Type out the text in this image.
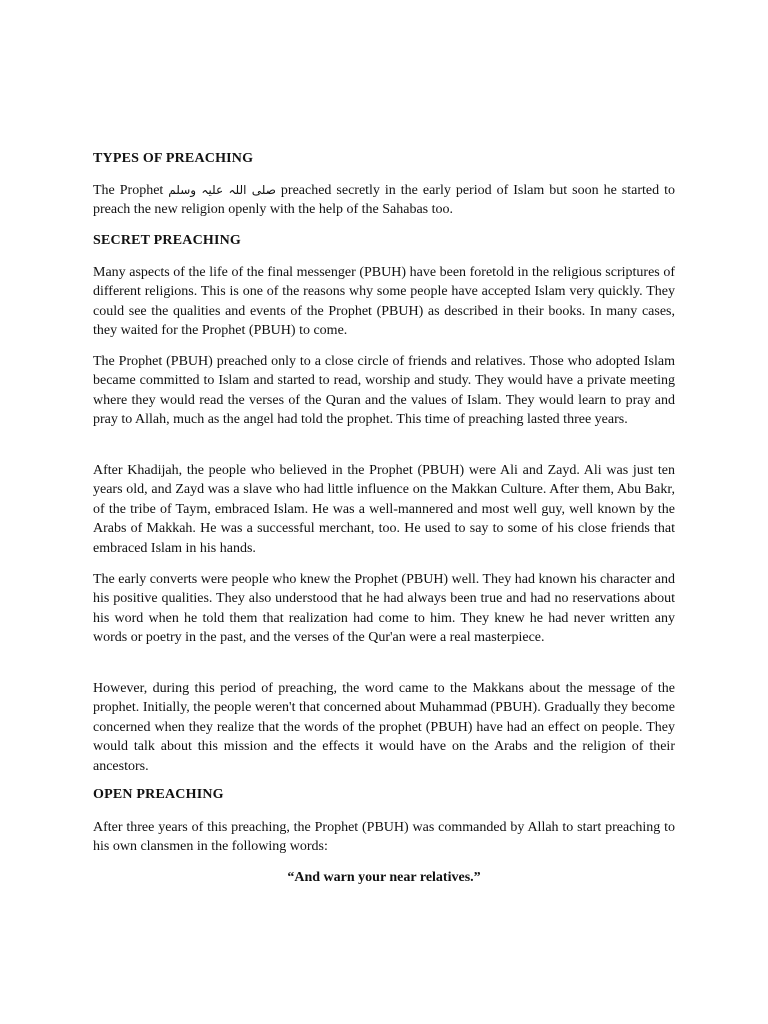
TYPES OF PREACHING

The Prophet صلی اللہ علیہ وسلم preached secretly in the early period of Islam but soon he started to preach the new religion openly with the help of the Sahabas too.

SECRET PREACHING

Many aspects of the life of the final messenger (PBUH) have been foretold in the religious scriptures of different religions. This is one of the reasons why some people have accepted Islam very quickly. They could see the qualities and events of the Prophet (PBUH) as described in their books. In many cases, they waited for the Prophet (PBUH) to come.

The Prophet (PBUH) preached only to a close circle of friends and relatives. Those who adopted Islam became committed to Islam and started to read, worship and study. They would have a private meeting where they would read the verses of the Quran and the values of Islam. They would learn to pray and pray to Allah, much as the angel had told the prophet. This time of preaching lasted three years.

After Khadijah, the people who believed in the Prophet (PBUH) were Ali and Zayd. Ali was just ten years old, and Zayd was a slave who had little influence on the Makkan Culture. After them, Abu Bakr, of the tribe of Taym, embraced Islam. He was a well-mannered and most well guy, well known by the Arabs of Makkah. He was a successful merchant, too. He used to say to some of his close friends that embraced Islam in his hands.

The early converts were people who knew the Prophet (PBUH) well. They had known his character and his positive qualities. They also understood that he had always been true and had no reservations about his word when he told them that realization had come to him. They knew he had never written any words or poetry in the past, and the verses of the Qur'an were a real masterpiece.

However, during this period of preaching, the word came to the Makkans about the message of the prophet. Initially, the people weren't that concerned about Muhammad (PBUH). Gradually they become concerned when they realize that the words of the prophet (PBUH) have had an effect on people. They would talk about this mission and the effects it would have on the Arabs and the religion of their ancestors.

OPEN PREACHING

After three years of this preaching, the Prophet (PBUH) was commanded by Allah to start preaching to his own clansmen in the following words:

“And warn your near relatives.”
